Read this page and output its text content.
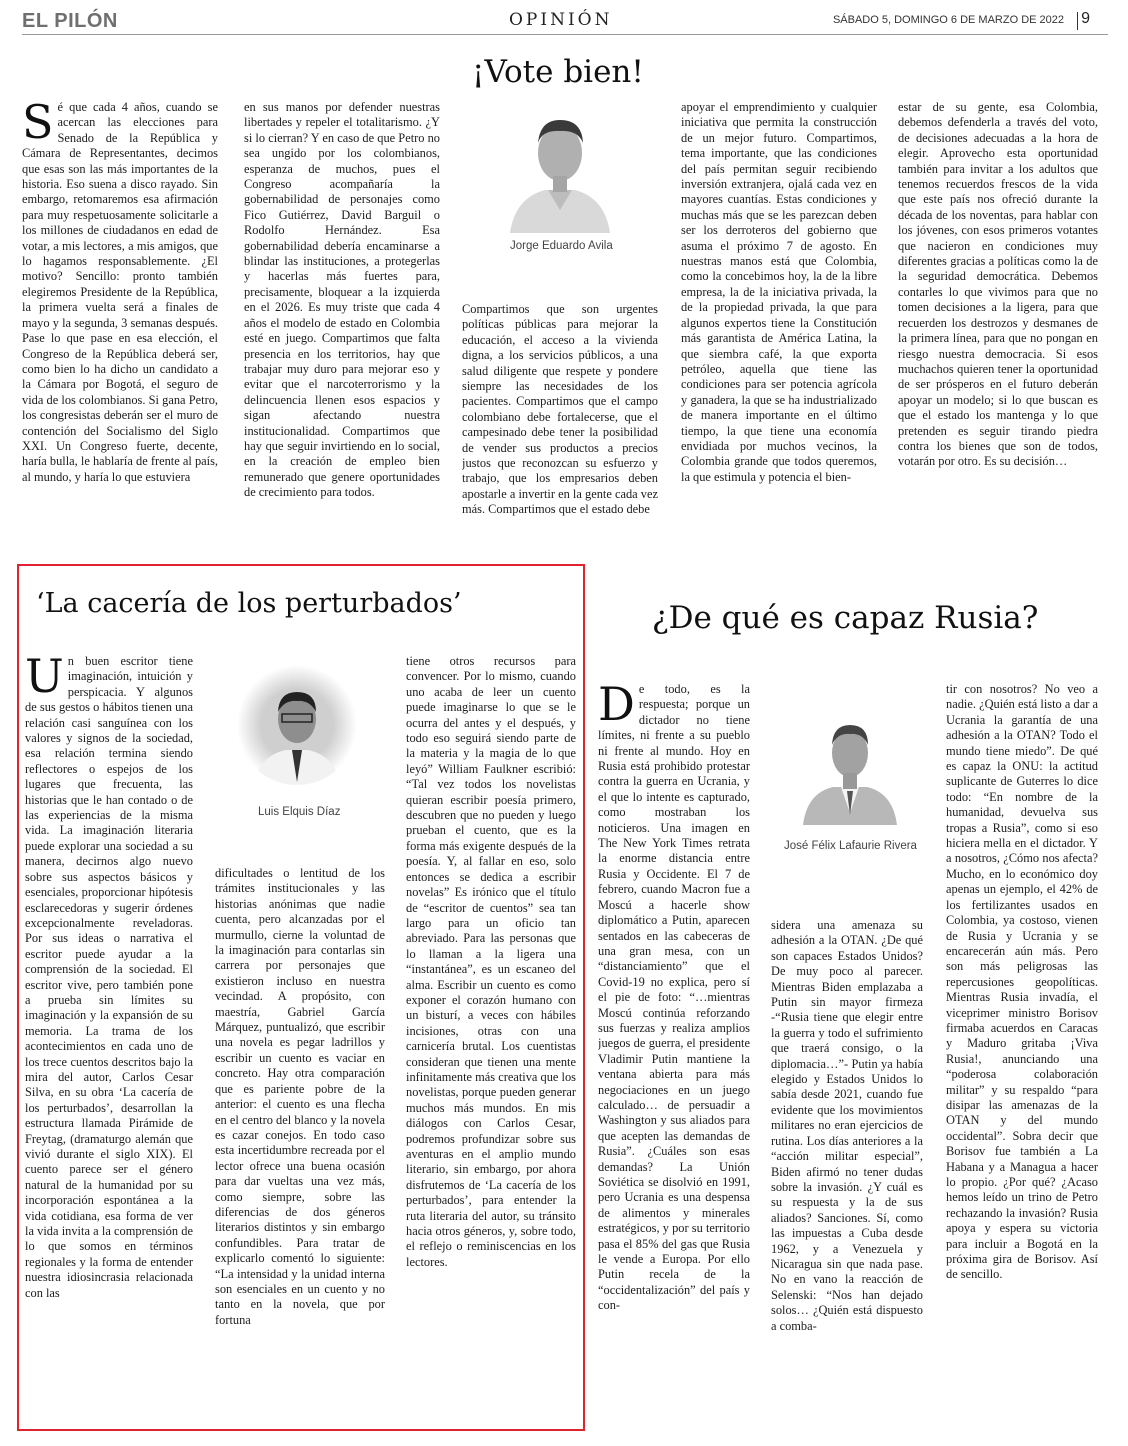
EL PILÓN	OPINIÓN	SÁBADO 5, DOMINGO 6 DE MARZO DE 2022 9
¡Vote bien!
S é que cada 4 años, cuando se acercan las elecciones para Senado de la República y Cámara de Representantes, decimos que esas son las más importantes de la historia. Eso suena a disco rayado. Sin embargo, retomaremos esa afirmación para muy respetuosamente solicitarle a los millones de ciudadanos en edad de votar, a mis lectores, a mis amigos, que lo hagamos responsablemente. ¿El motivo? Sencillo: pronto también elegiremos Presidente de la República, la primera vuelta será a finales de mayo y la segunda, 3 semanas después. Pase lo que pase en esa elección, el Congreso de la República deberá ser, como bien lo ha dicho un candidato a la Cámara por Bogotá, el seguro de vida de los colombianos. Si gana Petro, los congresistas deberán ser el muro de contención del Socialismo del Siglo XXI. Un Congreso fuerte, decente, haría bulla, le hablaría de frente al país, al mundo, y haría lo que estuviera

en sus manos por defender nuestras libertades y repeler el totalitarismo. ¿Y si lo cierran? Y en caso de que Petro no sea ungido por los colombianos, esperanza de muchos, pues el Congreso acompañaría la gobernabilidad de personajes como Fico Gutiérrez, David Barguil o Rodolfo Hernández. Esa gobernabilidad debería encaminarse a blindar las instituciones, a protegerlas y hacerlas más fuertes para, precisamente, bloquear a la izquierda en el 2026. Es muy triste que cada 4 años el modelo de estado en Colombia esté en juego. Compartimos que falta presencia en los territorios, hay que trabajar muy duro para mejorar eso y evitar que el narcoterrorismo y la delincuencia llenen esos espacios y sigan afectando nuestra institucionalidad. Compartimos que hay que seguir invirtiendo en lo social, en la creación de empleo bien remunerado que genere oportunidades de crecimiento para todos.

Jorge Eduardo Avila

Compartimos que son urgentes políticas públicas para mejorar la educación, el acceso a la vivienda digna, a los servicios públicos, a una salud diligente que respete y pondere siempre las necesidades de los pacientes. Compartimos que el campo colombiano debe fortalecerse, que el campesinado debe tener la posibilidad de vender sus productos a precios justos que reconozcan su esfuerzo y trabajo, que los empresarios deben apostarle a invertir en la gente cada vez más. Compartimos que el estado debe

apoyar el emprendimiento y cualquier iniciativa que permita la construcción de un mejor futuro. Compartimos, tema importante, que las condiciones del país permitan seguir recibiendo inversión extranjera, ojalá cada vez en mayores cuantías. Estas condiciones y muchas más que se les parezcan deben ser los derroteros del gobierno que asuma el próximo 7 de agosto. En nuestras manos está que Colombia, como la concebimos hoy, la de la libre empresa, la de la iniciativa privada, la de la propiedad privada, la que para algunos expertos tiene la Constitución más garantista de América Latina, la que siembra café, la que exporta petróleo, aquella que tiene las condiciones para ser potencia agrícola y ganadera, la que se ha industrializado de manera importante en el último tiempo, la que tiene una economía envidiada por muchos vecinos, la Colombia grande que todos queremos, la que estimula y potencia el bien-

estar de su gente, esa Colombia, debemos defenderla a través del voto, de decisiones adecuadas a la hora de elegir. Aprovecho esta oportunidad también para invitar a los adultos que tenemos recuerdos frescos de la vida que este país nos ofreció durante la década de los noventas, para hablar con los jóvenes, con esos primeros votantes que nacieron en condiciones muy diferentes gracias a políticas como la de la seguridad democrática. Debemos contarles lo que vivimos para que no tomen decisiones a la ligera, para que recuerden los destrozos y desmanes de la primera línea, para que no pongan en riesgo nuestra democracia. Si esos muchachos quieren tener la oportunidad de ser prósperos en el futuro deberán apoyar un modelo; si lo que buscan es que el estado los mantenga y lo que pretenden es seguir tirando piedra contra los bienes que son de todos, votarán por otro. Es su decisión…

‘La cacería de los perturbados’
U n buen escritor tiene imaginación, intuición y perspicacia. Y algunos de sus gestos o hábitos tienen una relación casi sanguínea con los valores y signos de la sociedad, esa relación termina siendo reflectores o espejos de los lugares que frecuenta, las historias que le han contado o de las experiencias de la misma vida. La imaginación literaria puede explorar una sociedad a su manera, decirnos algo nuevo sobre sus aspectos básicos y esenciales, proporcionar hipótesis esclarecedoras y sugerir órdenes excepcionalmente reveladoras. Por sus ideas o narrativa el escritor puede ayudar a la comprensión de la sociedad. El escritor vive, pero también pone a prueba sin límites su imaginación y la expansión de su memoria. La trama de los acontecimientos en cada uno de los trece cuentos descritos bajo la mira del autor, Carlos Cesar Silva, en su obra ‘La cacería de los perturbados’, desarrollan la estructura llamada Pirámide de Freytag, (dramaturgo alemán que vivió durante el siglo XIX). El cuento parece ser el género natural de la humanidad por su incorporación espontánea a la vida cotidiana, esa forma de ver la vida invita a la comprensión de lo que somos en términos regionales y la forma de entender nuestra idiosincrasia relacionada con las

Luis Elquis Díaz

dificultades o lentitud de los trámites institucionales y las historias anónimas que nadie cuenta, pero alcanzadas por el murmullo, cierne la voluntad de la imaginación para contarlas sin carrera por personajes que existieron incluso en nuestra vecindad. A propósito, con maestría, Gabriel García Márquez, puntualizó, que escribir una novela es pegar ladrillos y escribir un cuento es vaciar en concreto. Hay otra comparación que es pariente pobre de la anterior: el cuento es una flecha en el centro del blanco y la novela es cazar conejos. En todo caso esta incertidumbre recreada por el lector ofrece una buena ocasión para dar vueltas una vez más, como siempre, sobre las diferencias de dos géneros literarios distintos y sin embargo confundibles. Para tratar de explicarlo comentó lo siguiente: “La intensidad y la unidad interna son esenciales en un cuento y no tanto en la novela, que por fortuna

tiene otros recursos para convencer. Por lo mismo, cuando uno acaba de leer un cuento puede imaginarse lo que se le ocurra del antes y el después, y todo eso seguirá siendo parte de la materia y la magia de lo que leyó” William Faulkner escribió: “Tal vez todos los novelistas quieran escribir poesía primero, descubren que no pueden y luego prueban el cuento, que es la forma más exigente después de la poesía. Y, al fallar en eso, solo entonces se dedica a escribir novelas” Es irónico que el título de “escritor de cuentos” sea tan largo para un oficio tan abreviado. Para las personas que lo llaman a la ligera una “instantánea”, es un escaneo del alma. Escribir un cuento es como exponer el corazón humano con un bisturí, a veces con hábiles incisiones, otras con una carnicería brutal. Los cuentistas consideran que tienen una mente infinitamente más creativa que los novelistas, porque pueden generar muchos más mundos. En mis diálogos con Carlos Cesar, podremos profundizar sobre sus aventuras en el amplio mundo literario, sin embargo, por ahora disfrutemos de ‘La cacería de los perturbados’, para entender la ruta literaria del autor, su tránsito hacia otros géneros, y, sobre todo, el reflejo o reminiscencias en los lectores.

¿De qué es capaz Rusia?
D e todo, es la respuesta; porque un dictador no tiene límites, ni frente a su pueblo ni frente al mundo. Hoy en Rusia está prohibido protestar contra la guerra en Ucrania, y el que lo intente es capturado, como mostraban los noticieros. Una imagen en The New York Times retrata la enorme distancia entre Rusia y Occidente. El 7 de febrero, cuando Macron fue a Moscú a hacerle show diplomático a Putin, aparecen sentados en las cabeceras de una gran mesa, con un “distanciamiento” que el Covid-19 no explica, pero sí el pie de foto: “…mientras Moscú continúa reforzando sus fuerzas y realiza amplios juegos de guerra, el presidente Vladimir Putin mantiene la ventana abierta para más negociaciones en un juego calculado… de persuadir a Washington y sus aliados para que acepten las demandas de Rusia”. ¿Cuáles son esas demandas? La Unión Soviética se disolvió en 1991, pero Ucrania es una despensa de alimentos y minerales estratégicos, y por su territorio pasa el 85% del gas que Rusia le vende a Europa. Por ello Putin recela de la “occidentalización” del país y con-

José Félix Lafaurie Rivera

sidera una amenaza su adhesión a la OTAN. ¿De qué son capaces Estados Unidos? De muy poco al parecer. Mientras Biden emplazaba a Putin sin mayor firmeza -“Rusia tiene que elegir entre la guerra y todo el sufrimiento que traerá consigo, o la diplomacia…”- Putin ya había elegido y Estados Unidos lo sabía desde 2021, cuando fue evidente que los movimientos militares no eran ejercicios de rutina. Los días anteriores a la “acción militar especial”, Biden afirmó no tener dudas sobre la invasión. ¿Y cuál es su respuesta y la de sus aliados? Sanciones. Sí, como las impuestas a Cuba desde 1962, y a Venezuela y Nicaragua sin que nada pase. No en vano la reacción de Selenski: “Nos han dejado solos… ¿Quién está dispuesto a comba-

tir con nosotros? No veo a nadie. ¿Quién está listo a dar a Ucrania la garantía de una adhesión a la OTAN? Todo el mundo tiene miedo”. De qué es capaz la ONU: la actitud suplicante de Guterres lo dice todo: “En nombre de la humanidad, devuelva sus tropas a Rusia”, como si eso hiciera mella en el dictador. Y a nosotros, ¿Cómo nos afecta? Mucho, en lo económico doy apenas un ejemplo, el 42% de los fertilizantes usados en Colombia, ya costoso, vienen de Rusia y Ucrania y se encarecerán aún más. Pero son más peligrosas las repercusiones geopolíticas. Mientras Rusia invadía, el viceprimer ministro Borisov firmaba acuerdos en Caracas y Maduro gritaba ¡Viva Rusia!, anunciando una “poderosa colaboración militar” y su respaldo “para disipar las amenazas de la OTAN y del mundo occidental”. Sobra decir que Borisov fue también a La Habana y a Managua a hacer lo propio. ¿Por qué? ¿Acaso hemos leído un trino de Petro rechazando la invasión? Rusia apoya y espera su victoria para incluir a Bogotá en la próxima gira de Borisov. Así de sencillo.
